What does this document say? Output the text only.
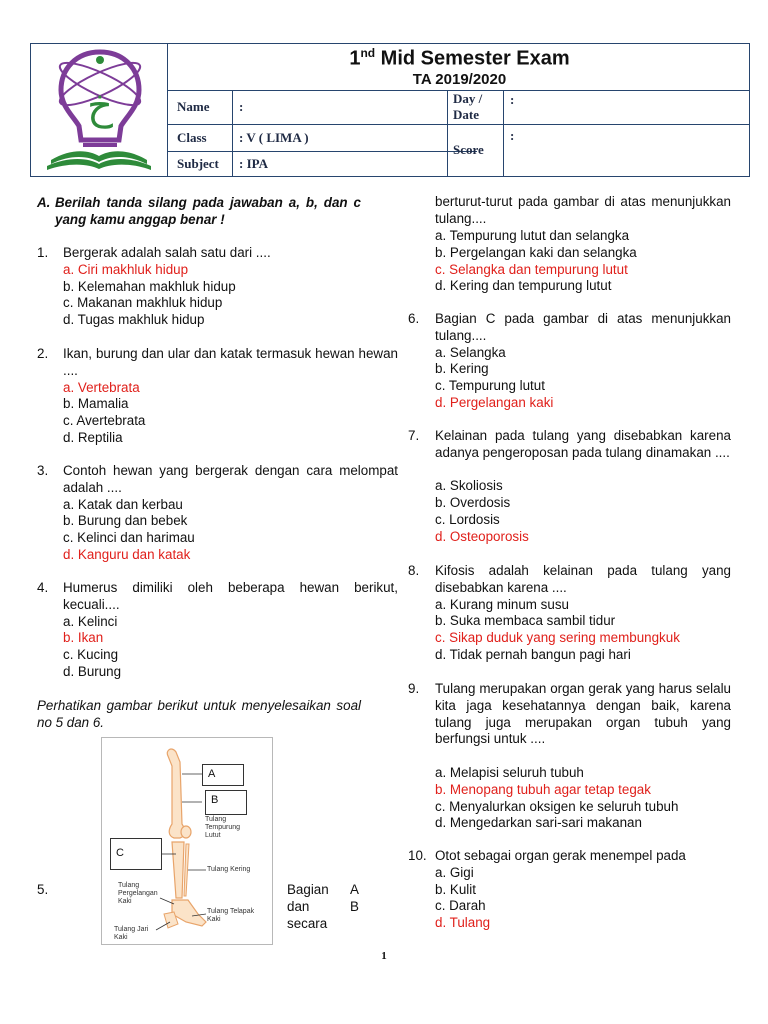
خ
1nd Mid Semester Exam
TA 2019/2020
Name :
Class : V ( LIMA )
Subject : IPA
Day / Date
:
Score
:
A. Berilah tanda silang pada jawaban a, b, dan c yang kamu anggap benar !
1. Bergerak adalah salah satu dari ....
a. Ciri makhluk hidup
b. Kelemahan makhluk hidup
c. Makanan makhluk hidup
d. Tugas makhluk hidup
2. Ikan, burung dan ular dan katak termasuk hewan hewan ....
a. Vertebrata
b. Mamalia
c. Avertebrata
d. Reptilia
3. Contoh hewan yang bergerak dengan cara melompat adalah ....
a. Katak dan kerbau
b. Burung dan bebek
c. Kelinci dan harimau
d. Kanguru dan katak
4. Humerus dimiliki oleh beberapa hewan berikut, kecuali....
a. Kelinci
b. Ikan
c. Kucing
d. Burung
Perhatikan gambar berikut untuk menyelesaikan soal no 5 dan 6.
A
B
C
Tulang Tempurung Lutut
Tulang Kering
Tulang Pergelangan Kaki
Tulang Telapak Kaki
Tulang Jari Kaki
5.	Bagian A
dan	B
secara
berturut-turut pada gambar di atas menunjukkan tulang....
a. Tempurung lutut dan selangka
b. Pergelangan kaki dan selangka
c. Selangka dan tempurung lutut
d. Kering dan tempurung lutut
6. Bagian C pada gambar di atas menunjukkan tulang....
a. Selangka
b. Kering
c. Tempurung lutut
d. Pergelangan kaki
7. Kelainan pada tulang yang disebabkan karena adanya pengeroposan pada tulang dinamakan ....
a. Skoliosis
b. Overdosis
c. Lordosis
d. Osteoporosis
8. Kifosis adalah kelainan pada tulang yang disebabkan karena ....
a. Kurang minum susu
b. Suka membaca sambil tidur
c. Sikap duduk yang sering membungkuk
d. Tidak pernah bangun pagi hari
9. Tulang merupakan organ gerak yang harus selalu kita jaga kesehatannya dengan baik, karena tulang juga merupakan organ tubuh yang berfungsi untuk ....
a. Melapisi seluruh tubuh
b. Menopang tubuh agar tetap tegak
c. Menyalurkan oksigen ke seluruh tubuh
d. Mengedarkan sari-sari makanan
10. Otot sebagai organ gerak menempel pada
a. Gigi
b. Kulit
c. Darah
d. Tulang
1
